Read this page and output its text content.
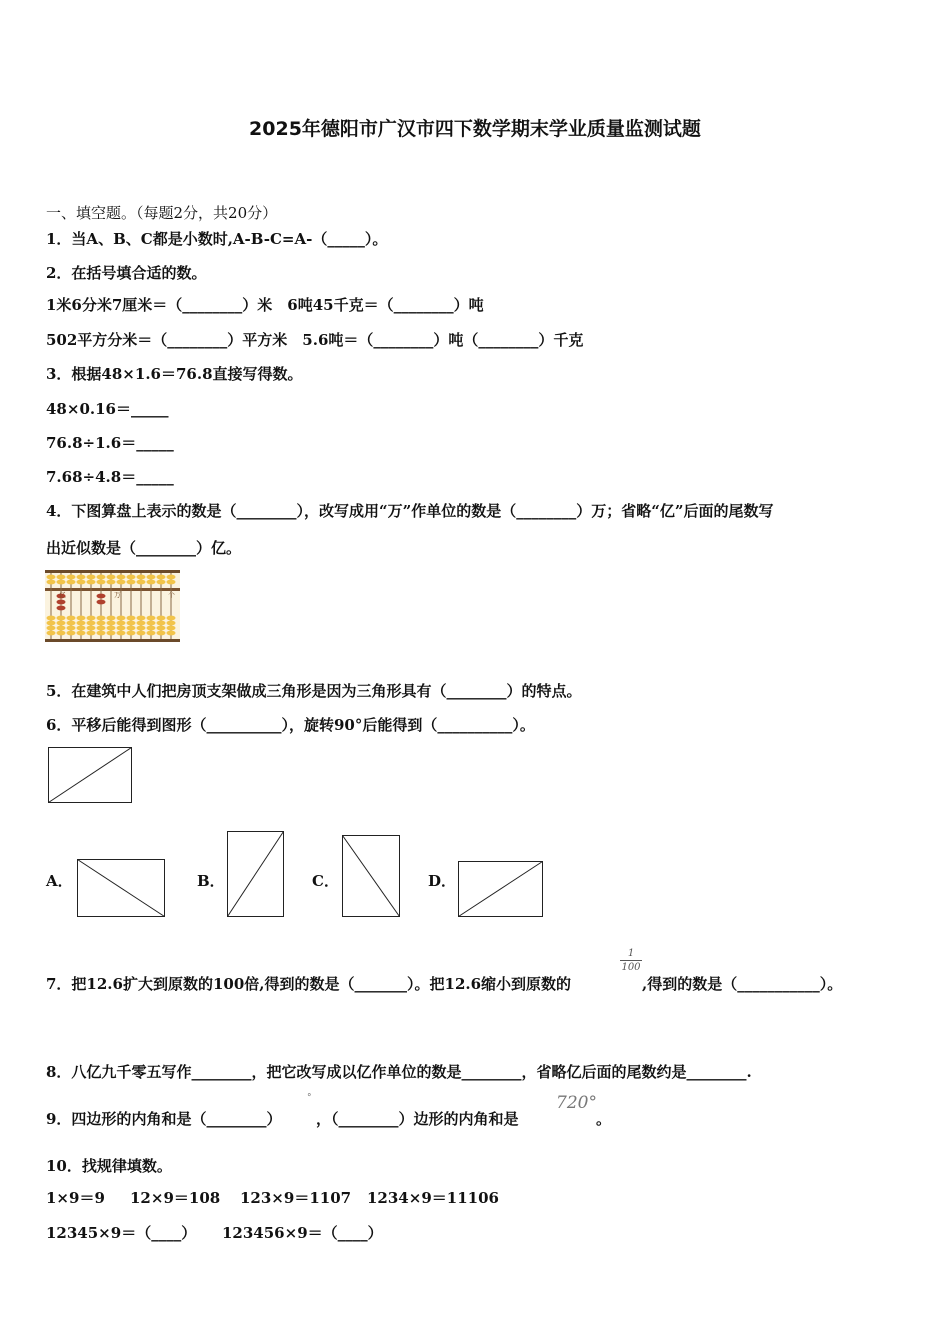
2025年德阳市广汉市四下数学期末学业质量监测试题
一、填空题。（每题2分，共20分）
1．当A、B、C都是小数时,A-B-C=A-（_____）。
2．在括号填合适的数。
1米6分米7厘米＝（________）米　6吨45千克＝（________）吨
502平方分米＝（________）平方米　5.6吨＝（________）吨（________）千克
3．根据48×1.6＝76.8直接写得数。
48×0.16＝_____
76.8÷1.6＝_____
7.68÷4.8＝_____
4．下图算盘上表示的数是（________），改写成用“万”作单位的数是（________）万；省略“亿”后面的尾数写
出近似数是（________）亿。
亿	万	个
5．在建筑中人们把房顶支架做成三角形是因为三角形具有（________）的特点。
6．平移后能得到图形（__________），旋转90°后能得到（__________）。
A．	B．	C．	D．
7．把12.6扩大到原数的100倍,得到的数是（_______）。把12.6缩小到原数的
1
100
,得到的数是（___________）。
8．八亿九千零五写作________，把它改写成以亿作单位的数是________，省略亿后面的尾数约是________.
9．四边形的内角和是（________）
°
，（________）边形的内角和是
720°
。
10．找规律填数。
1×9＝9 12×9＝108 123×9＝1107 1234×9＝11106
12345×9＝（____） 123456×9＝（____）
